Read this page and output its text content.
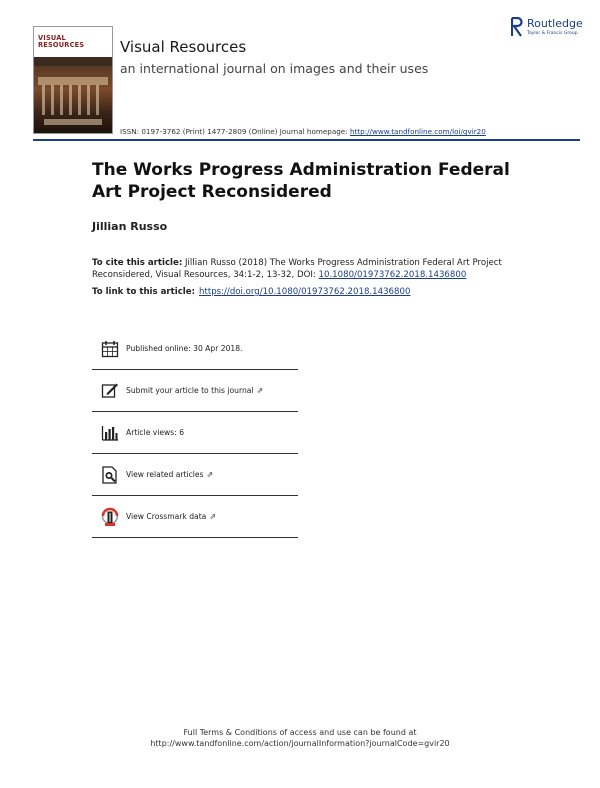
ISSN 0197-3762
VISUAL
RESOURCES Visual Resources
an international journal on images and their uses
ISSN: 0197-3762 (Print) 1477-2809 (Online) Journal homepage: http://www.tandfonline.com/loi/gvir20
Routledge
Taylor & Francis Group
The Works Progress Administration Federal Art Project Reconsidered
Jillian Russo
To cite this article: Jillian Russo (2018) The Works Progress Administration Federal Art Project Reconsidered, Visual Resources, 34:1-2, 13-32, DOI: 10.1080/01973762.2018.1436800
To link to this article: https://doi.org/10.1080/01973762.2018.1436800
Published online: 30 Apr 2018.
Submit your article to this journal ⇗
Article views: 6
View related articles ⇗
View Crossmark data ⇗
Full Terms & Conditions of access and use can be found at
http://www.tandfonline.com/action/journalInformation?journalCode=gvir20
